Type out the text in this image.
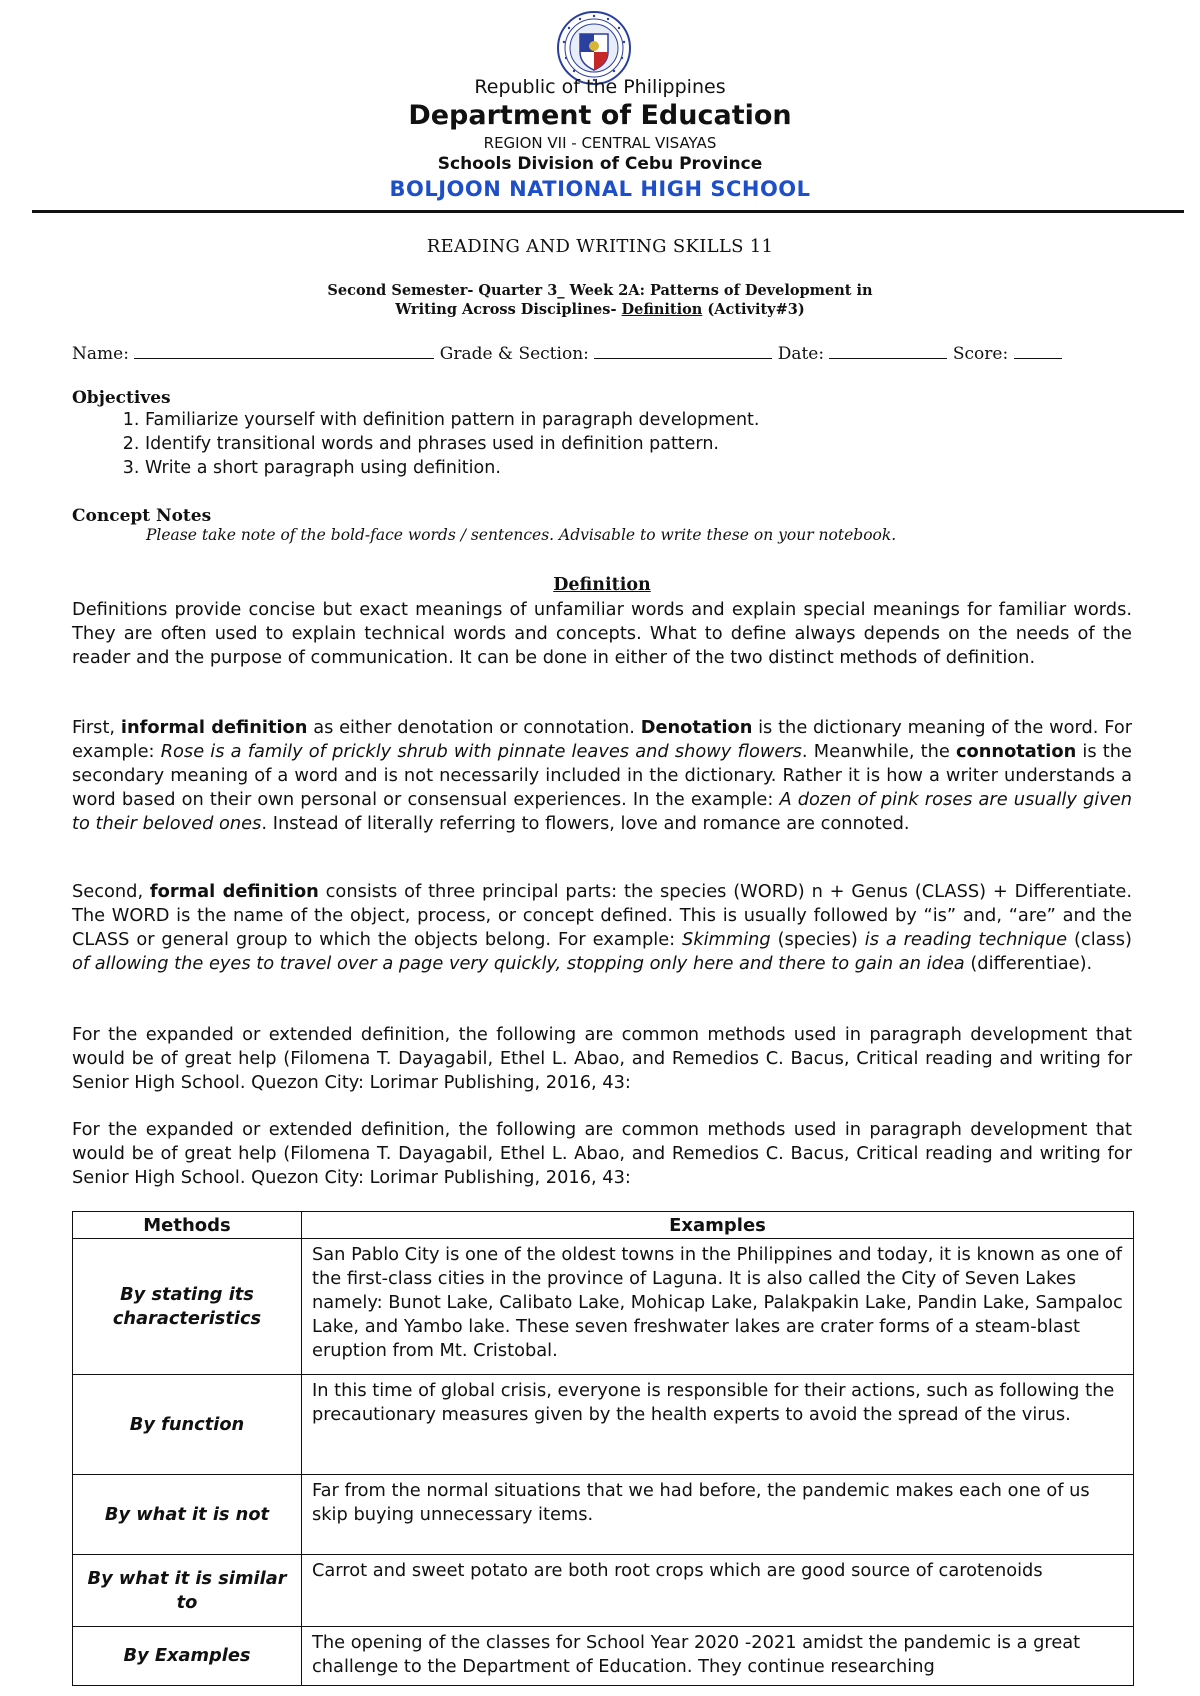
Republic of the Philippines
Department of Education
REGION VII - CENTRAL VISAYAS
Schools Division of Cebu Province
BOLJOON NATIONAL HIGH SCHOOL
READING AND WRITING SKILLS 11
Second Semester- Quarter 3_ Week 2A: Patterns of Development in
Writing Across Disciplines- Definition (Activity#3)
Name:	Grade & Section:	Date:	Score:
Objectives
1. Familiarize yourself with definition pattern in paragraph development.
2. Identify transitional words and phrases used in definition pattern.
3. Write a short paragraph using definition.
Concept Notes
Please take note of the bold-face words / sentences. Advisable to write these on your notebook.
Definition
Definitions provide concise but exact meanings of unfamiliar words and explain special meanings for familiar words. They are often used to explain technical words and concepts. What to define always depends on the needs of the reader and the purpose of communication. It can be done in either of the two distinct methods of definition.
First, informal definition as either denotation or connotation. Denotation is the dictionary meaning of the word. For example: Rose is a family of prickly shrub with pinnate leaves and showy flowers. Meanwhile, the connotation is the secondary meaning of a word and is not necessarily included in the dictionary. Rather it is how a writer understands a word based on their own personal or consensual experiences. In the example: A dozen of pink roses are usually given to their beloved ones. Instead of literally referring to flowers, love and romance are connoted.
Second, formal definition consists of three principal parts: the species (WORD) n + Genus (CLASS) + Differentiate. The WORD is the name of the object, process, or concept defined. This is usually followed by “is” and, “are” and the CLASS or general group to which the objects belong. For example: Skimming (species) is a reading technique (class) of allowing the eyes to travel over a page very quickly, stopping only here and there to gain an idea (differentiae).
For the expanded or extended definition, the following are common methods used in paragraph development that would be of great help (Filomena T. Dayagabil, Ethel L. Abao, and Remedios C. Bacus, Critical reading and writing for Senior High School. Quezon City: Lorimar Publishing, 2016, 43:
For the expanded or extended definition, the following are common methods used in paragraph development that would be of great help (Filomena T. Dayagabil, Ethel L. Abao, and Remedios C. Bacus, Critical reading and writing for Senior High School. Quezon City: Lorimar Publishing, 2016, 43:
Methods	Examples
By stating its characteristics	San Pablo City is one of the oldest towns in the Philippines and today, it is known as one of the first-class cities in the province of Laguna. It is also called the City of Seven Lakes namely: Bunot Lake, Calibato Lake, Mohicap Lake, Palakpakin Lake, Pandin Lake, Sampaloc Lake, and Yambo lake. These seven freshwater lakes are crater forms of a steam-blast eruption from Mt. Cristobal.
By function	In this time of global crisis, everyone is responsible for their actions, such as following the precautionary measures given by the health experts to avoid the spread of the virus.
By what it is not	Far from the normal situations that we had before, the pandemic makes each one of us skip buying unnecessary items.
By what it is similar to	Carrot and sweet potato are both root crops which are good source of carotenoids
By Examples	The opening of the classes for School Year 2020 -2021 amidst the pandemic is a great challenge to the Department of Education. They continue researching
